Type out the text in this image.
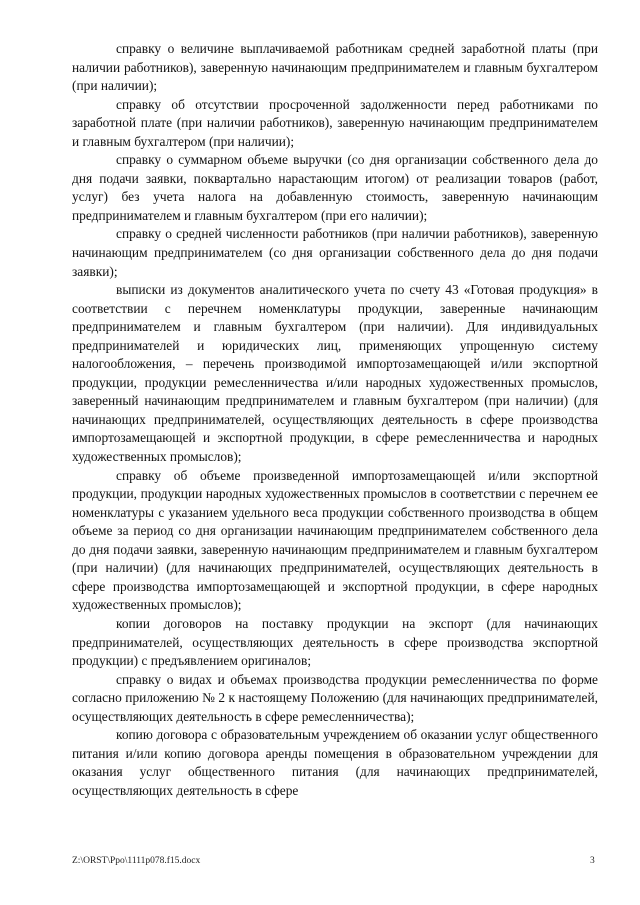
справку о величине выплачиваемой работникам средней заработной платы (при наличии работников), заверенную начинающим предпринимателем и главным бухгалтером (при наличии);

справку об отсутствии просроченной задолженности перед работниками по заработной плате (при наличии работников), заверенную начинающим предпринимателем и главным бухгалтером (при наличии);

справку о суммарном объеме выручки (со дня организации собственного дела до дня подачи заявки, поквартально нарастающим итогом) от реализации товаров (работ, услуг) без учета налога на добавленную стоимость, заверенную начинающим предпринимателем и главным бухгалтером (при его наличии);

справку о средней численности работников (при наличии работников), заверенную начинающим предпринимателем (со дня организации собственного дела до дня подачи заявки);

выписки из документов аналитического учета по счету 43 «Готовая продукция» в соответствии с перечнем номенклатуры продукции, заверенные начинающим предпринимателем и главным бухгалтером (при наличии). Для индивидуальных предпринимателей и юридических лиц, применяющих упрощенную систему налогообложения, – перечень производимой импортозамещающей и/или экспортной продукции, продукции ремесленничества и/или народных художественных промыслов, заверенный начинающим предпринимателем и главным бухгалтером (при наличии) (для начинающих предпринимателей, осуществляющих деятельность в сфере производства импортозамещающей и экспортной продукции, в сфере ремесленничества и народных художественных промыслов);

справку об объеме произведенной импортозамещающей и/или экспортной продукции, продукции народных художественных промыслов в соответствии с перечнем ее номенклатуры с указанием удельного веса продукции собственного производства в общем объеме за период со дня организации начинающим предпринимателем собственного дела до дня подачи заявки, заверенную начинающим предпринимателем и главным бухгалтером (при наличии) (для начинающих предпринимателей, осуществляющих деятельность в сфере производства импортозамещающей и экспортной продукции, в сфере народных художественных промыслов);

копии договоров на поставку продукции на экспорт (для начинающих предпринимателей, осуществляющих деятельность в сфере производства экспортной продукции) с предъявлением оригиналов;

справку о видах и объемах производства продукции ремесленничества по форме согласно приложению № 2 к настоящему Положению (для начинающих предпринимателей, осуществляющих деятельность в сфере ремесленничества);

копию договора с образовательным учреждением об оказании услуг общественного питания и/или копию договора аренды помещения в образовательном учреждении для оказания услуг общественного питания (для начинающих предпринимателей, осуществляющих деятельность в сфере

Z:\ORST\Ppo\1111p078.f15.docx	3
